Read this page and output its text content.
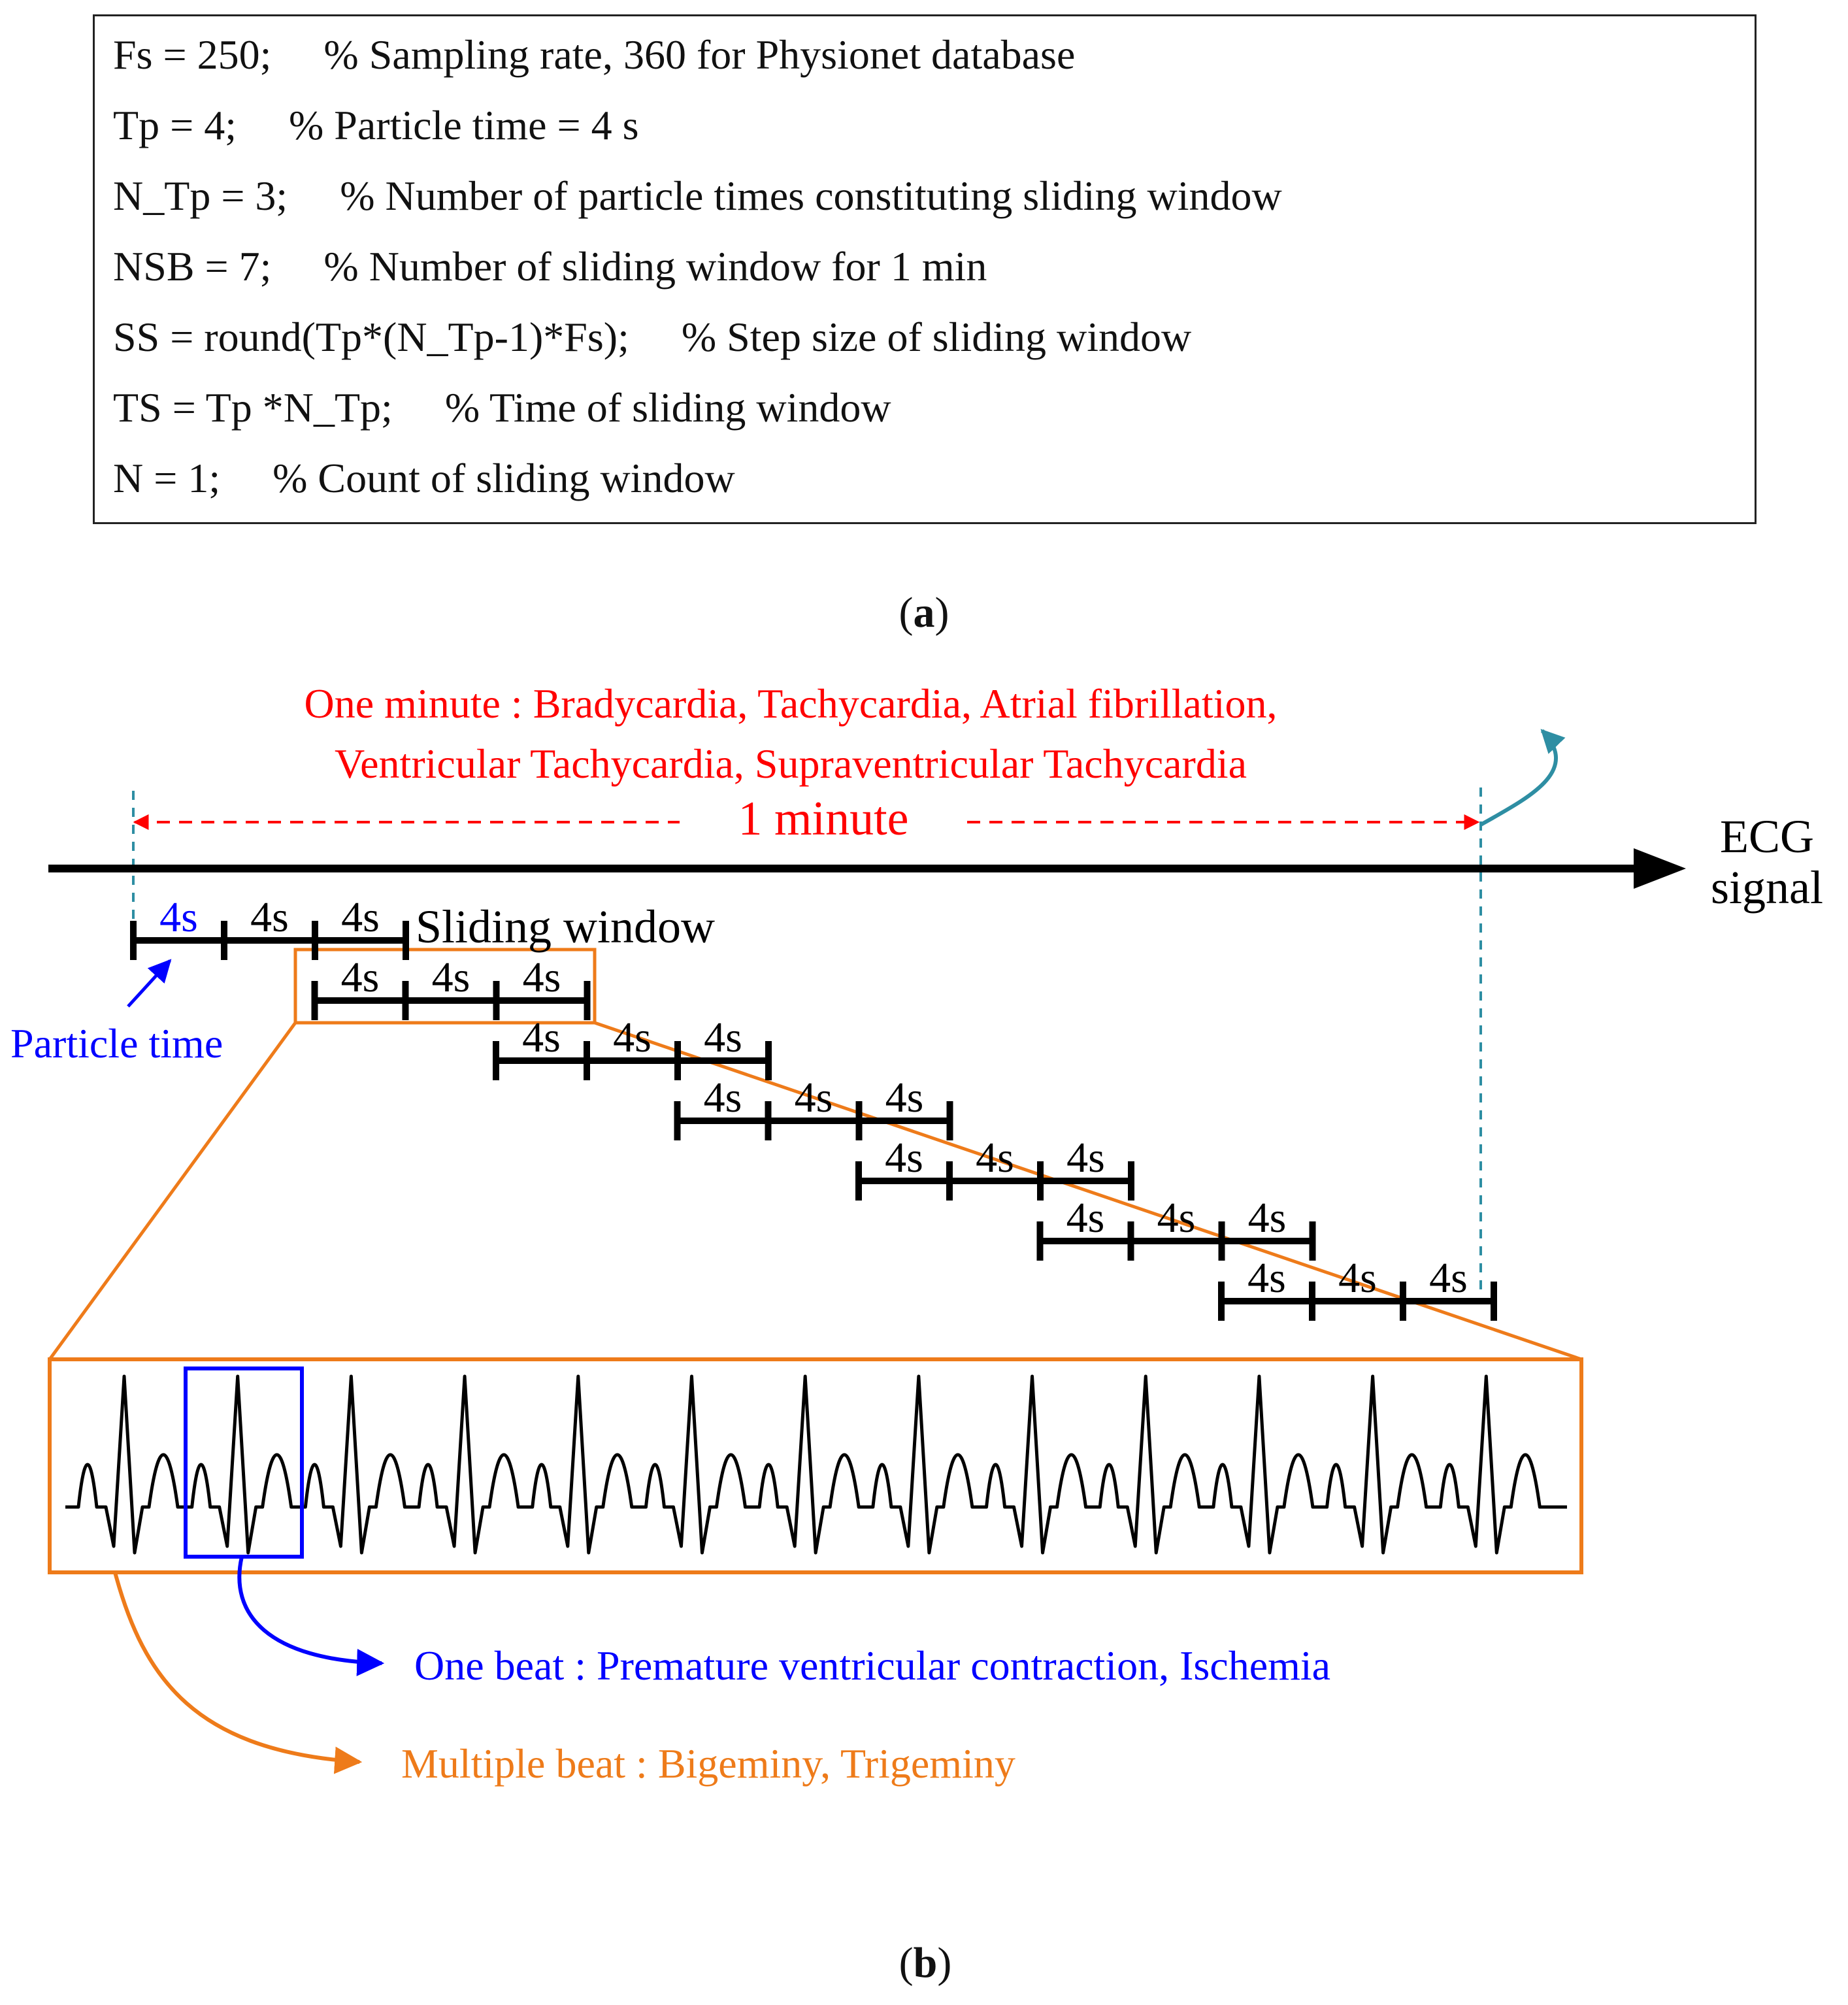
Fs = 250; % Sampling rate, 360 for Physionet database
Tp = 4; % Particle time = 4 s
N_Tp = 3; % Number of particle times constituting sliding window
NSB = 7; % Number of sliding window for 1 min
SS = round(Tp*(N_Tp-1)*Fs); % Step size of sliding window
TS = Tp *N_Tp; % Time of sliding window
N = 1; % Count of sliding window
(a)
One minute : Bradycardia, Tachycardia, Atrial fibrillation,
Ventricular Tachycardia, Supraventricular Tachycardia
1 minute	ECG
signal
4s 4s 4s
4s 4s 4s
4s 4s 4s
4s 4s 4s
4s 4s 4s
4s 4s 4s
4s 4s 4s
Sliding window
Particle time
One beat : Premature ventricular contraction, Ischemia
Multiple beat : Bigeminy, Trigeminy
(b)
